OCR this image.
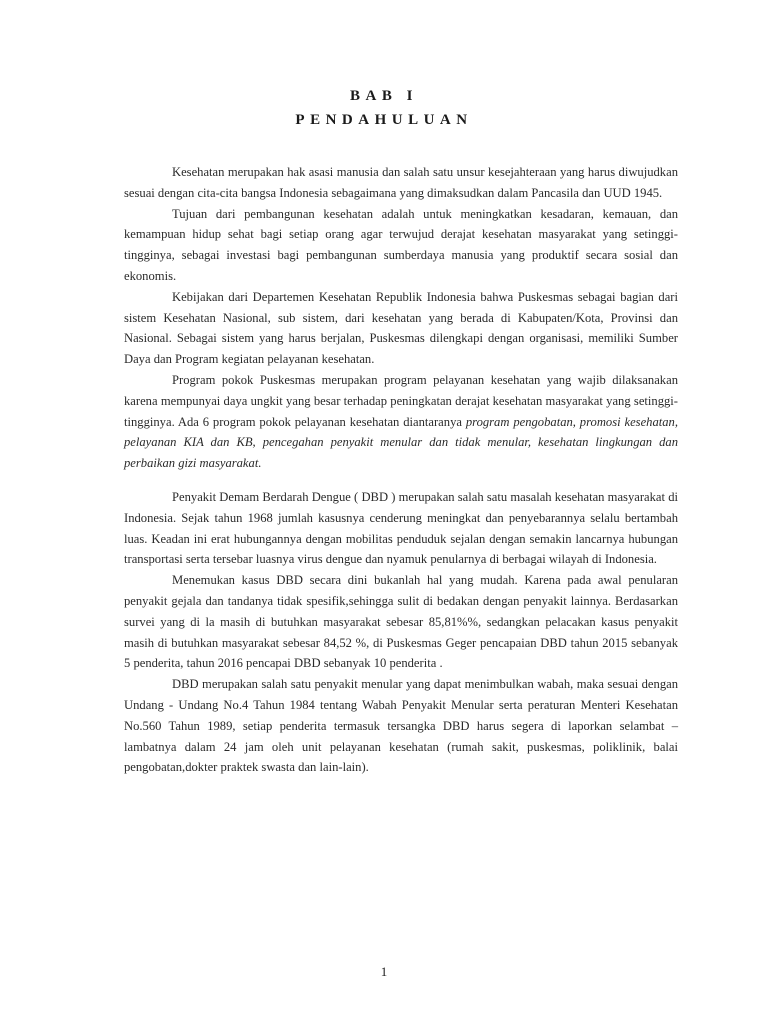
BAB I
PENDAHULUAN

Kesehatan merupakan hak asasi manusia dan salah satu unsur kesejahteraan yang harus diwujudkan sesuai dengan cita-cita bangsa Indonesia sebagaimana yang dimaksudkan dalam Pancasila dan UUD 1945.

Tujuan dari pembangunan kesehatan adalah untuk meningkatkan kesadaran, kemauan, dan kemampuan hidup sehat bagi setiap orang agar terwujud derajat kesehatan masyarakat yang setinggi-tingginya, sebagai investasi bagi pembangunan sumberdaya manusia yang produktif secara sosial dan ekonomis.

Kebijakan dari Departemen Kesehatan Republik Indonesia bahwa Puskesmas sebagai bagian dari sistem Kesehatan Nasional, sub sistem, dari kesehatan yang berada di Kabupaten/Kota, Provinsi dan Nasional. Sebagai sistem yang harus berjalan, Puskesmas dilengkapi dengan organisasi, memiliki Sumber Daya dan Program kegiatan pelayanan kesehatan.

Program pokok Puskesmas merupakan program pelayanan kesehatan yang wajib dilaksanakan karena mempunyai daya ungkit yang besar terhadap peningkatan derajat kesehatan masyarakat yang setinggi-tingginya. Ada 6 program pokok pelayanan kesehatan diantaranya program pengobatan, promosi kesehatan, pelayanan KIA dan KB, pencegahan penyakit menular dan tidak menular, kesehatan lingkungan dan perbaikan gizi masyarakat.

Penyakit Demam Berdarah Dengue ( DBD ) merupakan salah satu masalah kesehatan masyarakat di Indonesia. Sejak tahun 1968 jumlah kasusnya cenderung meningkat dan penyebarannya selalu bertambah luas. Keadan ini erat hubungannya dengan mobilitas penduduk sejalan dengan semakin lancarnya hubungan transportasi serta tersebar luasnya virus dengue dan nyamuk penularnya di berbagai wilayah di Indonesia.

Menemukan kasus DBD secara dini bukanlah hal yang mudah. Karena pada awal penularan penyakit gejala dan tandanya tidak spesifik,sehingga sulit di bedakan dengan penyakit lainnya. Berdasarkan survei yang di la masih di butuhkan masyarakat sebesar 85,81%%, sedangkan pelacakan kasus penyakit masih di butuhkan masyarakat sebesar 84,52 %, di Puskesmas Geger pencapaian DBD tahun 2015 sebanyak 5 penderita, tahun 2016 pencapai DBD sebanyak 10 penderita .

DBD merupakan salah satu penyakit menular yang dapat menimbulkan wabah, maka sesuai dengan Undang - Undang No.4 Tahun 1984 tentang Wabah Penyakit Menular serta peraturan Menteri Kesehatan No.560 Tahun 1989, setiap penderita termasuk tersangka DBD harus segera di laporkan selambat – lambatnya dalam 24 jam oleh unit pelayanan kesehatan (rumah sakit, puskesmas, poliklinik, balai pengobatan,dokter praktek swasta dan lain-lain).

1
